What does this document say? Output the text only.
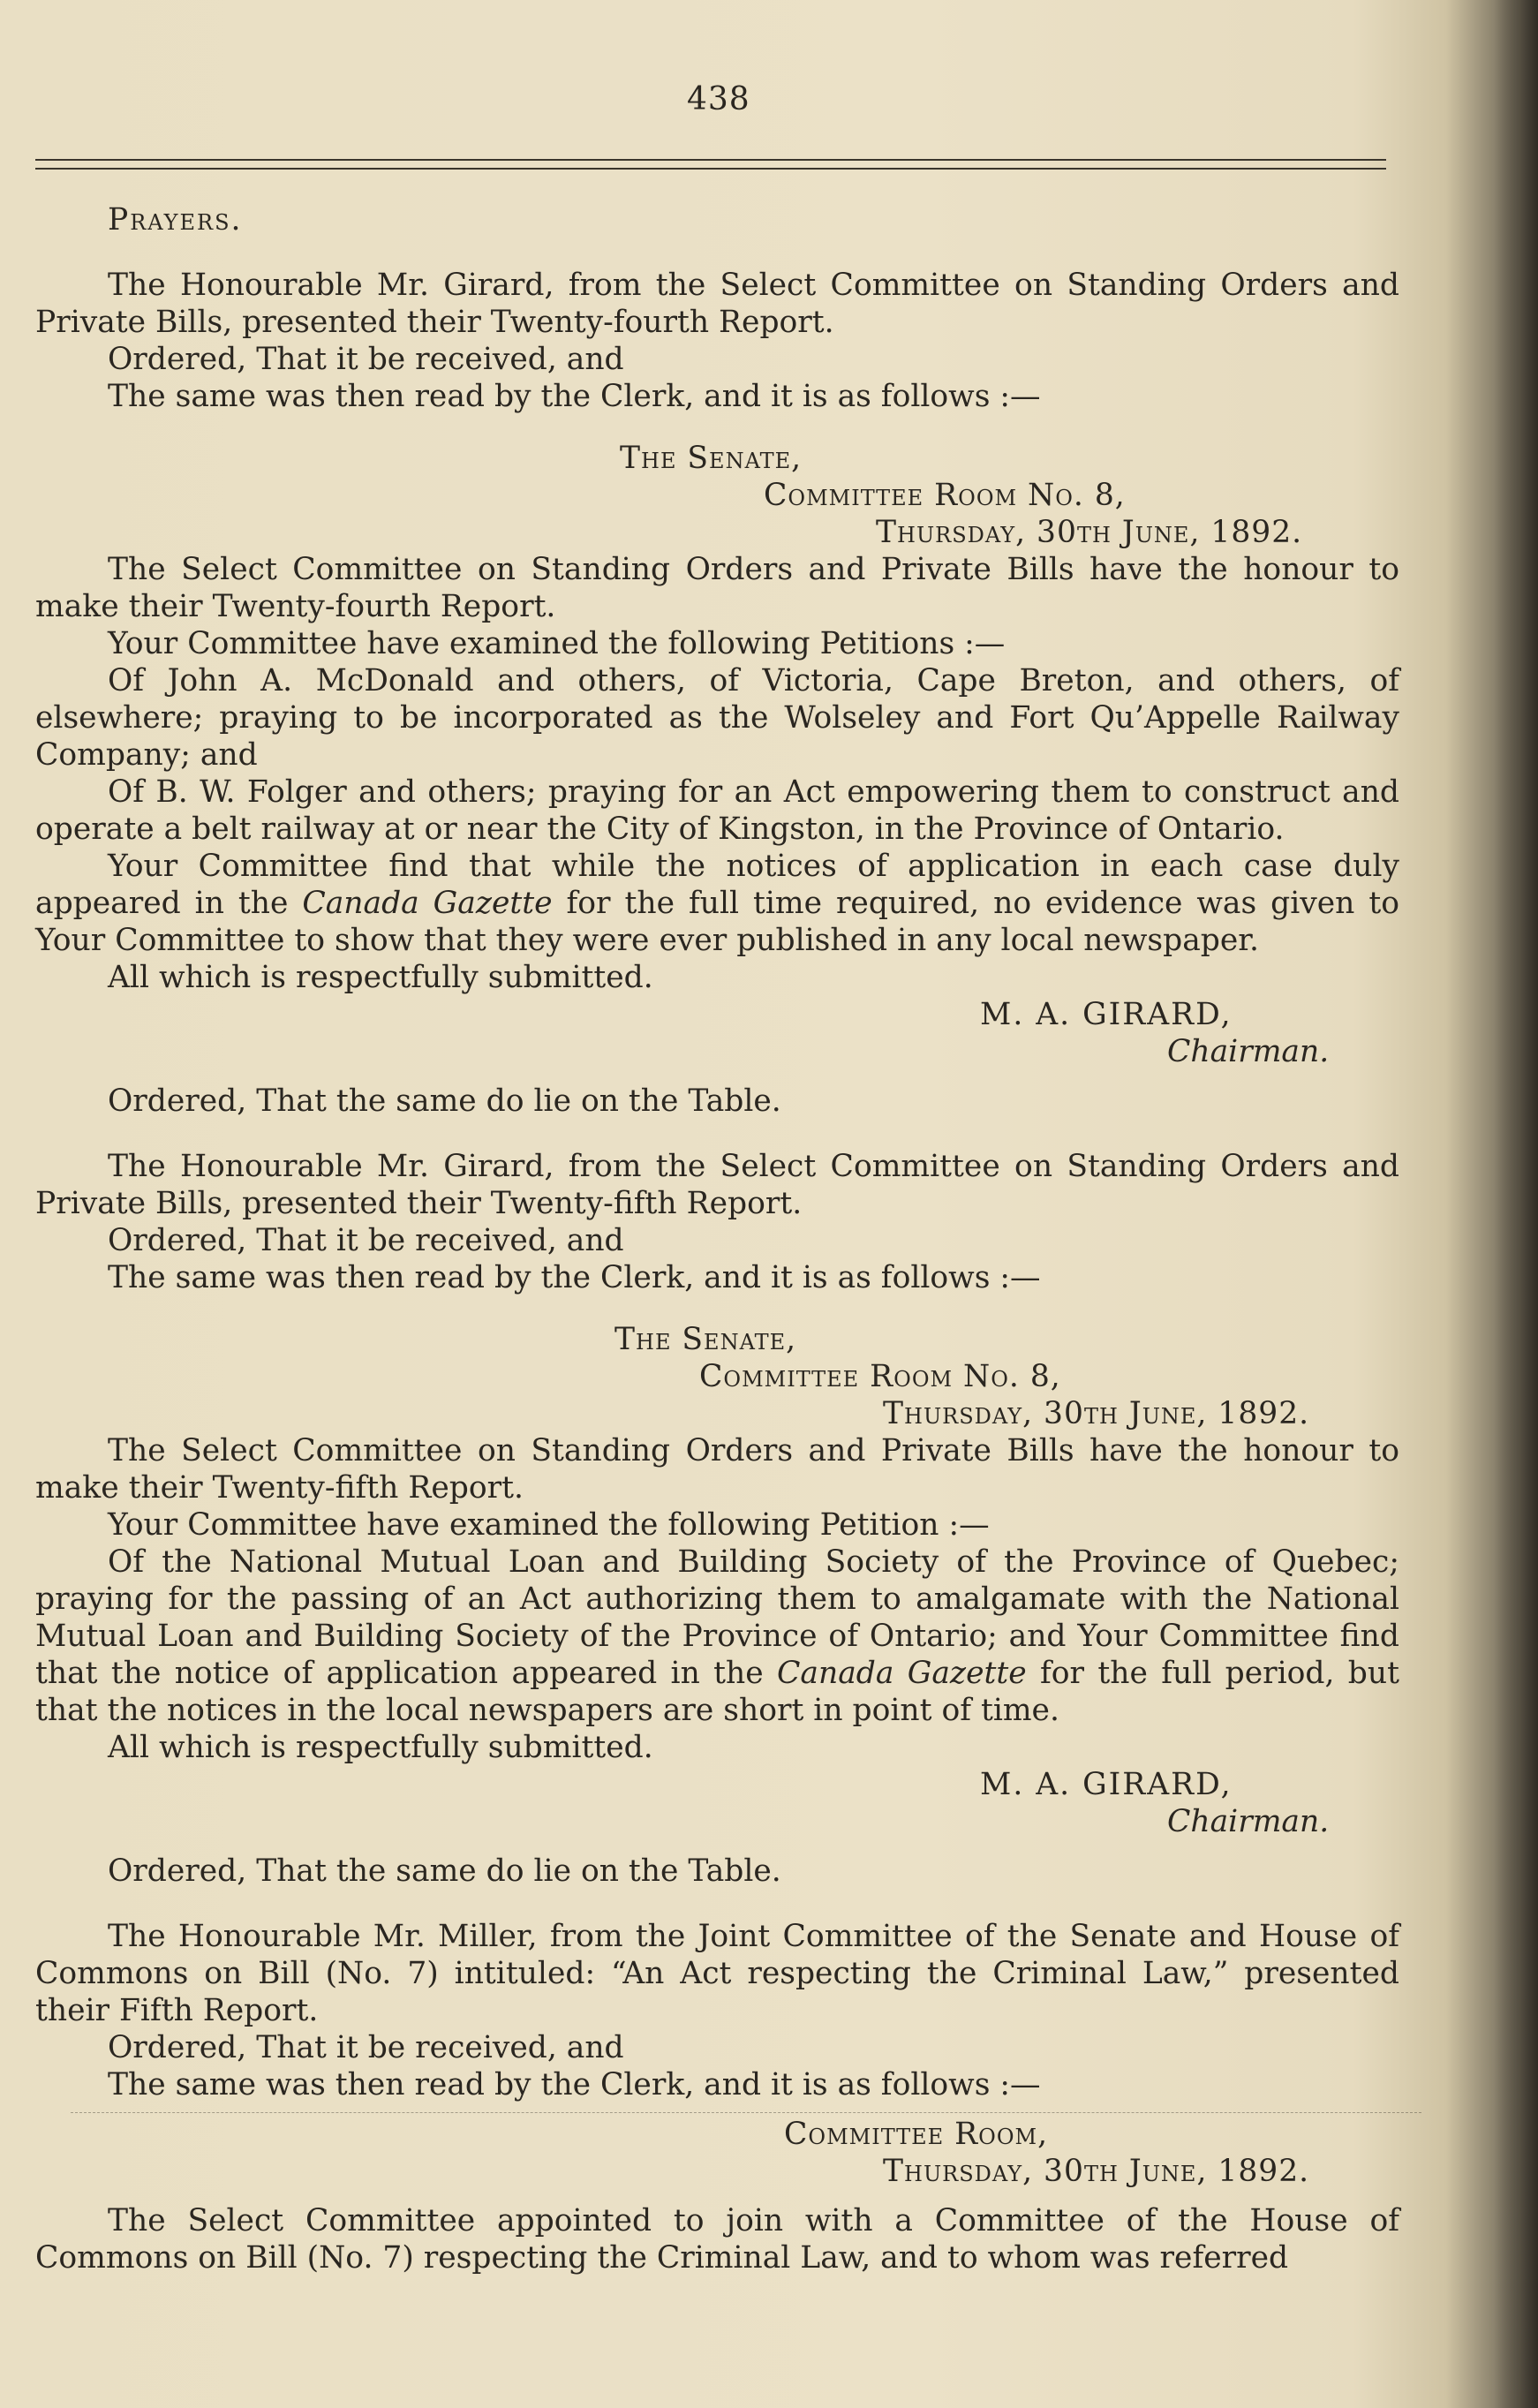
438

Prayers.

The Honourable Mr. Girard, from the Select Committee on Standing Orders and Private Bills, presented their Twenty-fourth Report.

Ordered, That it be received, and

The same was then read by the Clerk, and it is as follows :—

The Senate,

Committee Room No. 8,

Thursday, 30th June, 1892.

The Select Committee on Standing Orders and Private Bills have the honour to make their Twenty-fourth Report.

Your Committee have examined the following Petitions :—

Of John A. McDonald and others, of Victoria, Cape Breton, and others, of elsewhere; praying to be incorporated as the Wolseley and Fort Qu’Appelle Railway Company; and

Of B. W. Folger and others; praying for an Act empowering them to construct and operate a belt railway at or near the City of Kingston, in the Province of Ontario.

Your Committee find that while the notices of application in each case duly appeared in the Canada Gazette for the full time required, no evidence was given to Your Committee to show that they were ever published in any local newspaper.

All which is respectfully submitted.

M. A. GIRARD,

Chairman.

Ordered, That the same do lie on the Table.

The Honourable Mr. Girard, from the Select Committee on Standing Orders and Private Bills, presented their Twenty-fifth Report.

Ordered, That it be received, and

The same was then read by the Clerk, and it is as follows :—

The Senate,

Committee Room No. 8,

Thursday, 30th June, 1892.

The Select Committee on Standing Orders and Private Bills have the honour to make their Twenty-fifth Report.

Your Committee have examined the following Petition :—

Of the National Mutual Loan and Building Society of the Province of Quebec; praying for the passing of an Act authorizing them to amalgamate with the National Mutual Loan and Building Society of the Province of Ontario; and Your Committee find that the notice of application appeared in the Canada Gazette for the full period, but that the notices in the local newspapers are short in point of time.

All which is respectfully submitted.

M. A. GIRARD,

Chairman.

Ordered, That the same do lie on the Table.

The Honourable Mr. Miller, from the Joint Committee of the Senate and House of Commons on Bill (No. 7) intituled: “An Act respecting the Criminal Law,” presented their Fifth Report.

Ordered, That it be received, and

The same was then read by the Clerk, and it is as follows :—

Committee Room,

Thursday, 30th June, 1892.

The Select Committee appointed to join with a Committee of the House of Commons on Bill (No. 7) respecting the Criminal Law, and to whom was referred
